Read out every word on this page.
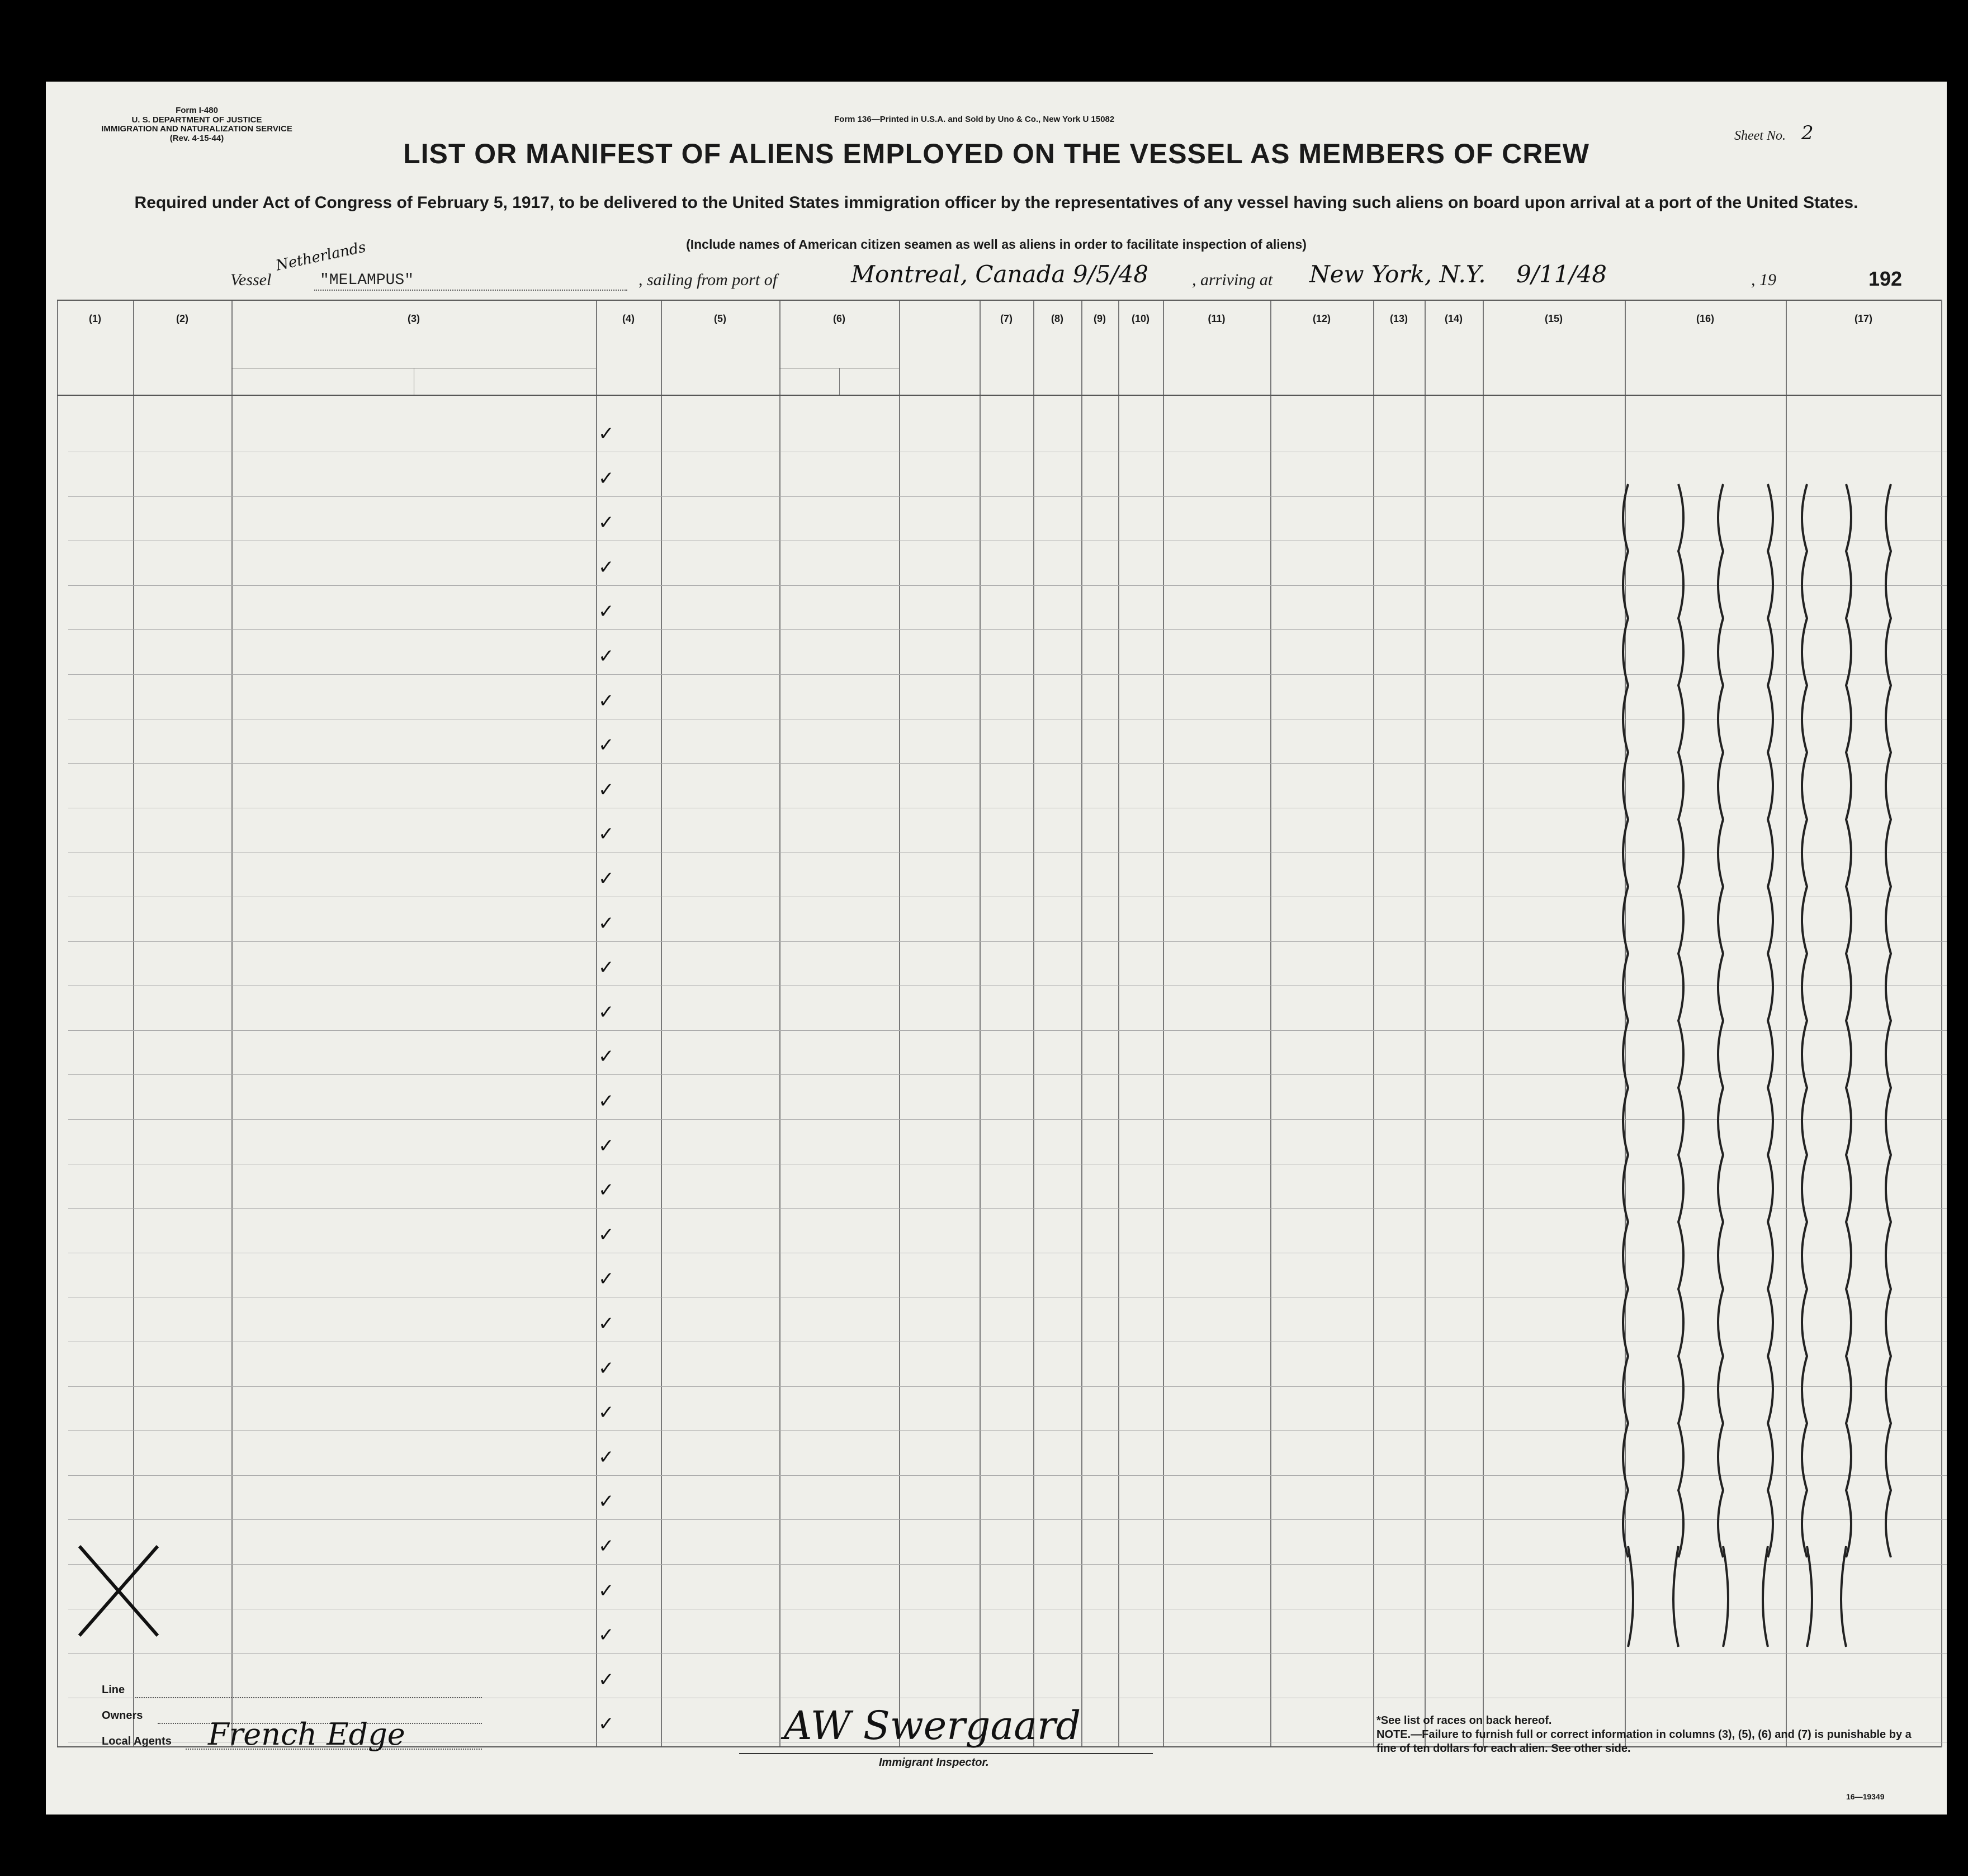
Form I-480
U. S. DEPARTMENT OF JUSTICE
IMMIGRATION AND NATURALIZATION SERVICE
(Rev. 4-15-44)
Form 136—Printed in U.S.A. and Sold by Uno & Co., New York U 15082
Sheet No. 2
LIST OR MANIFEST OF ALIENS EMPLOYED ON THE VESSEL AS MEMBERS OF CREW
Required under Act of Congress of February 5, 1917, to be delivered to the United States immigration officer by the representatives of any vessel having such aliens on board upon arrival at a port of the United States.
(Include names of American citizen seamen as well as aliens in order to facilitate inspection of aliens)
Vessel
Netherlands
"MELAMPUS"	, sailing from port of	Montreal, Canada 9/5/48	, arriving at New York, N.Y. 9/11/48	, 19	192
(1)	(2)	(3)	(4)	(5)	(6)	(7)	(8)	(9)	(10)	(11)	(12)	(13)	(14)	(15)	(16)	(17)
✓
✓
✓
✓
✓
✓
✓
✓
✓
✓
✓
✓
✓
✓
✓
✓
✓
✓
✓
✓
✓
✓
✓
✓
✓
✓
✓
✓
✓
✓
Line
Owners
Local Agents French Edge	AW Swergaard
Immigrant Inspector.
*See list of races on back hereof.
NOTE.—Failure to furnish full or correct information in columns (3), (5), (6) and (7) is punishable by a fine of ten dollars for each alien. See other side.
16—19349
